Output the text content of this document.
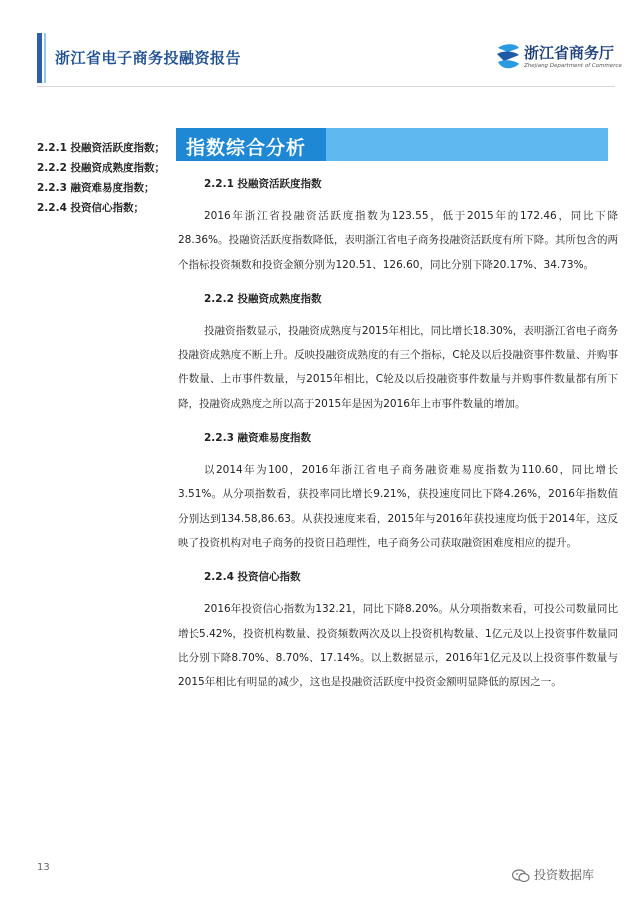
浙江省电子商务投融资报告	浙江省商务厅
Zhejiang Department of Commerce
2.2.1 投融资活跃度指数；
2.2.2 投融资成熟度指数；
2.2.3 融资难易度指数；
2.2.4 投资信心指数；
指数综合分析
2.2.1 投融资活跃度指数

2016年浙江省投融资活跃度指数为123.55，低于2015年的172.46，同比下降28.36%。投融资活跃度指数降低，表明浙江省电子商务投融资活跃度有所下降。其所包含的两个指标投资频数和投资金额分别为120.51、126.60，同比分别下降20.17%、34.73%。

2.2.2 投融资成熟度指数

投融资指数显示，投融资成熟度与2015年相比，同比增长18.30%，表明浙江省电子商务投融资成熟度不断上升。反映投融资成熟度的有三个指标，C轮及以后投融资事件数量、并购事件数量、上市事件数量，与2015年相比，C轮及以后投融资事件数量与并购事件数量都有所下降，投融资成熟度之所以高于2015年是因为2016年上市事件数量的增加。

2.2.3 融资难易度指数

以2014年为100，2016年浙江省电子商务融资难易度指数为110.60，同比增长3.51%。从分项指数看，获投率同比增长9.21%，获投速度同比下降4.26%，2016年指数值分别达到134.58,86.63。从获投速度来看，2015年与2016年获投速度均低于2014年，这反映了投资机构对电子商务的投资日趋理性，电子商务公司获取融资困难度相应的提升。

2.2.4 投资信心指数

2016年投资信心指数为132.21，同比下降8.20%。从分项指数来看，可投公司数量同比增长5.42%，投资机构数量、投资频数两次及以上投资机构数量、1亿元及以上投资事件数量同比分别下降8.70%、8.70%、17.14%。以上数据显示，2016年1亿元及以上投资事件数量与2015年相比有明显的减少，这也是投融资活跃度中投资金额明显降低的原因之一。

13
投资数据库
